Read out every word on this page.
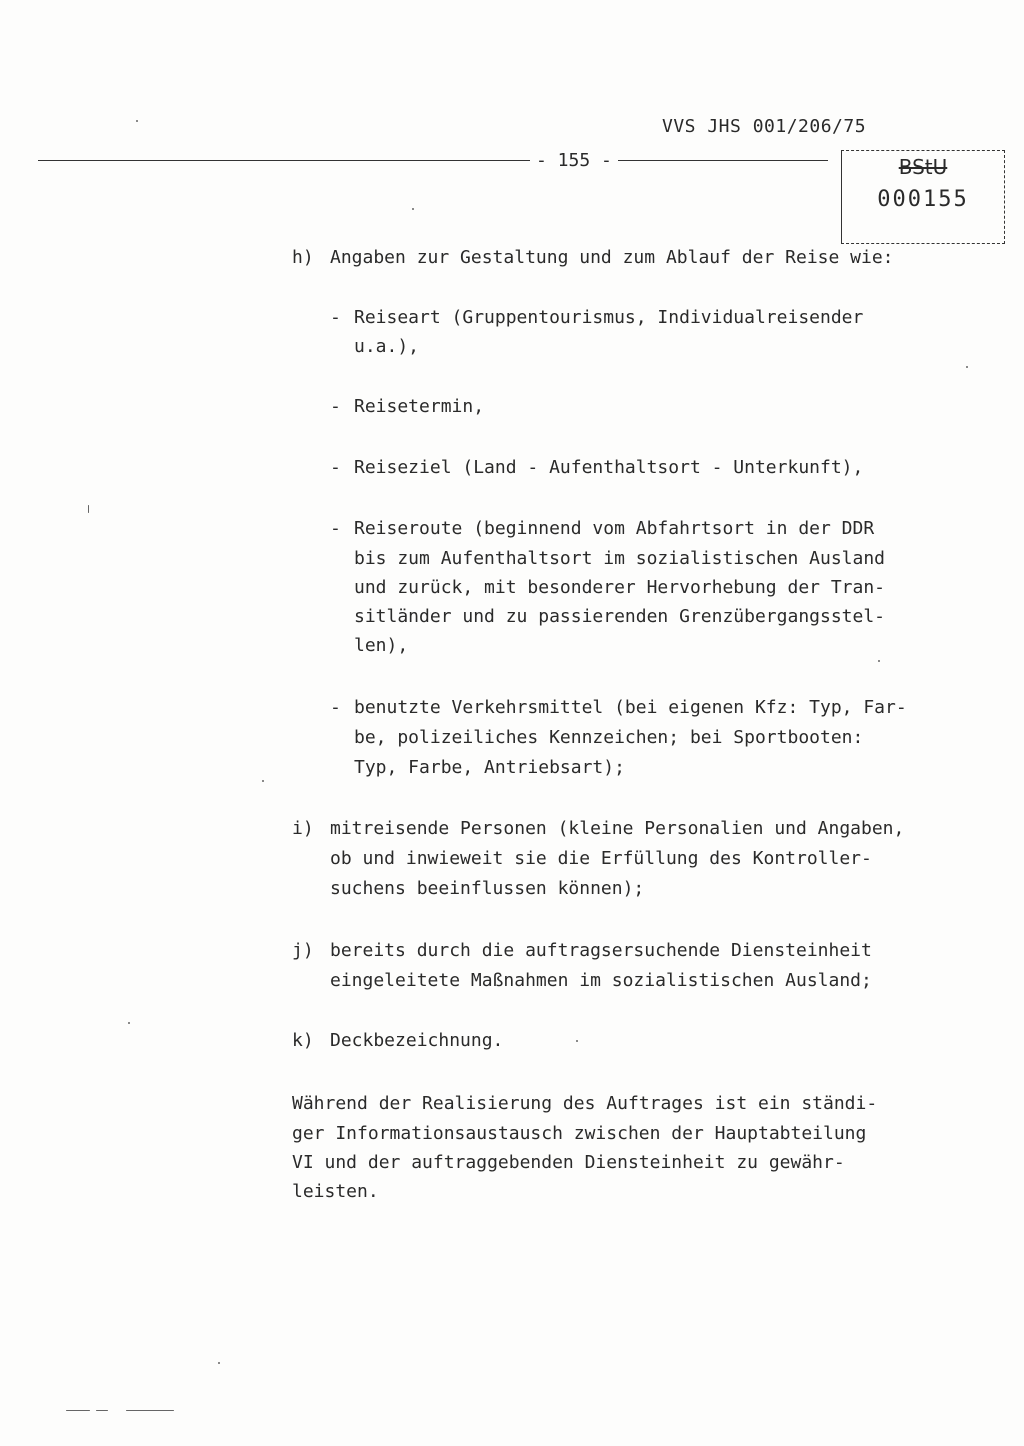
VVS JHS 001/206/75
- 155 -	BStU
000155
h) Angaben zur Gestaltung und zum Ablauf der Reise wie:
- Reiseart (Gruppentourismus, Individualreisender
u.a.),
- Reisetermin,
- Reiseziel (Land - Aufenthaltsort - Unterkunft),
- Reiseroute (beginnend vom Abfahrtsort in der DDR
bis zum Aufenthaltsort im sozialistischen Ausland
und zurück, mit besonderer Hervorhebung der Tran-
sitländer und zu passierenden Grenzübergangsstel-
len),
- benutzte Verkehrsmittel (bei eigenen Kfz: Typ, Far-
be, polizeiliches Kennzeichen; bei Sportbooten:
Typ, Farbe, Antriebsart);
i) mitreisende Personen (kleine Personalien und Angaben,
ob und inwieweit sie die Erfüllung des Kontroller-
suchens beeinflussen können);
j) bereits durch die auftragsersuchende Diensteinheit
eingeleitete Maßnahmen im sozialistischen Ausland;
k) Deckbezeichnung.
Während der Realisierung des Auftrages ist ein ständi-
ger Informationsaustausch zwischen der Hauptabteilung
VI und der auftraggebenden Diensteinheit zu gewähr-
leisten.
